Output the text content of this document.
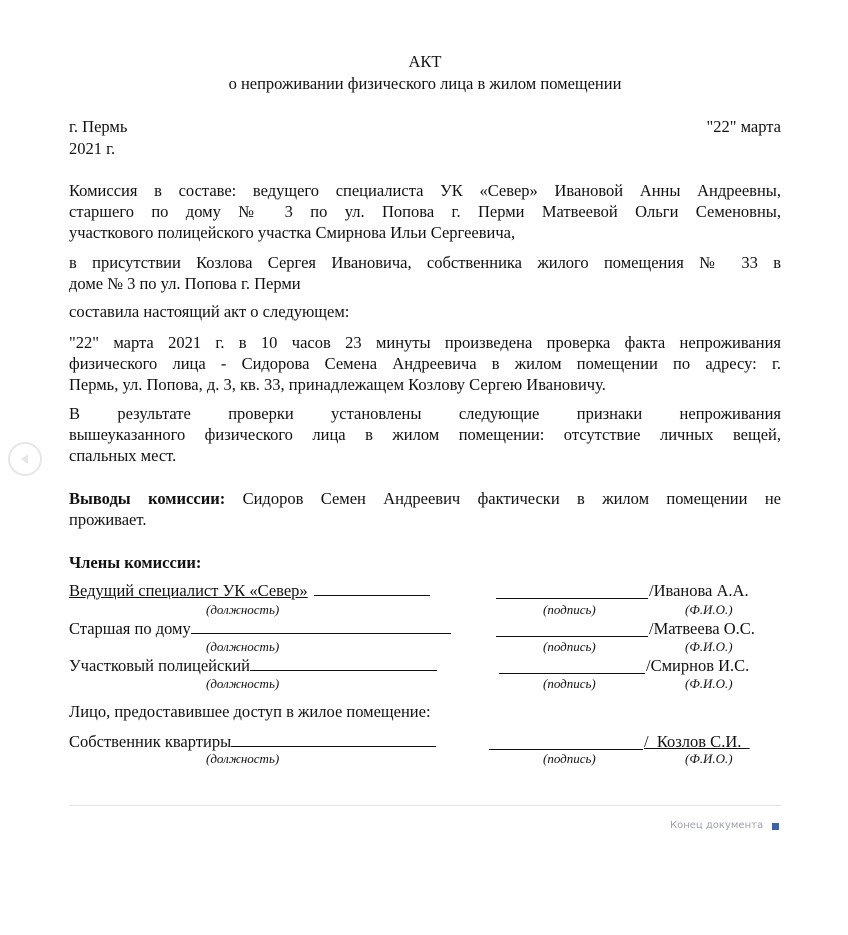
АКТ
о непроживании физического лица в жилом помещении
г. Пермь	"22" марта
2021 г.
Комиссия в составе: ведущего специалиста УК «Север» Ивановой Анны Андреевны,
старшего по дому № 3 по ул. Попова г. Перми Матвеевой Ольги Семеновны,
участкового полицейского участка Смирнова Ильи Сергеевича,
в присутствии Козлова Сергея Ивановича, собственника жилого помещения № 33 в
доме № 3 по ул. Попова г. Перми
составила настоящий акт о следующем:
"22" марта 2021 г. в 10 часов 23 минуты произведена проверка факта непроживания
физического лица - Сидорова Семена Андреевича в жилом помещении по адресу: г.
Пермь, ул. Попова, д. 3, кв. 33, принадлежащем Козлову Сергею Ивановичу.
В результате проверки установлены следующие признаки непроживания
вышеуказанного физического лица в жилом помещении: отсутствие личных вещей,
спальных мест.
Выводы комиссии: Сидоров Семен Андреевич фактически в жилом помещении не
проживает.
Члены комиссии:
Ведущий специалист УК «Север»	/Иванова А.А.
(должность)	(подпись)	(Ф.И.О.)
Старшая по дому	/Матвеева О.С.
(должность)	(подпись)	(Ф.И.О.)
Участковый полицейский	/Смирнов И.С.
(должность)	(подпись)	(Ф.И.О.)
Лицо, предоставившее доступ в жилое помещение:
Собственник квартиры	/  Козлов С.И.
(должность)	(подпись)	(Ф.И.О.)
Конец документа
